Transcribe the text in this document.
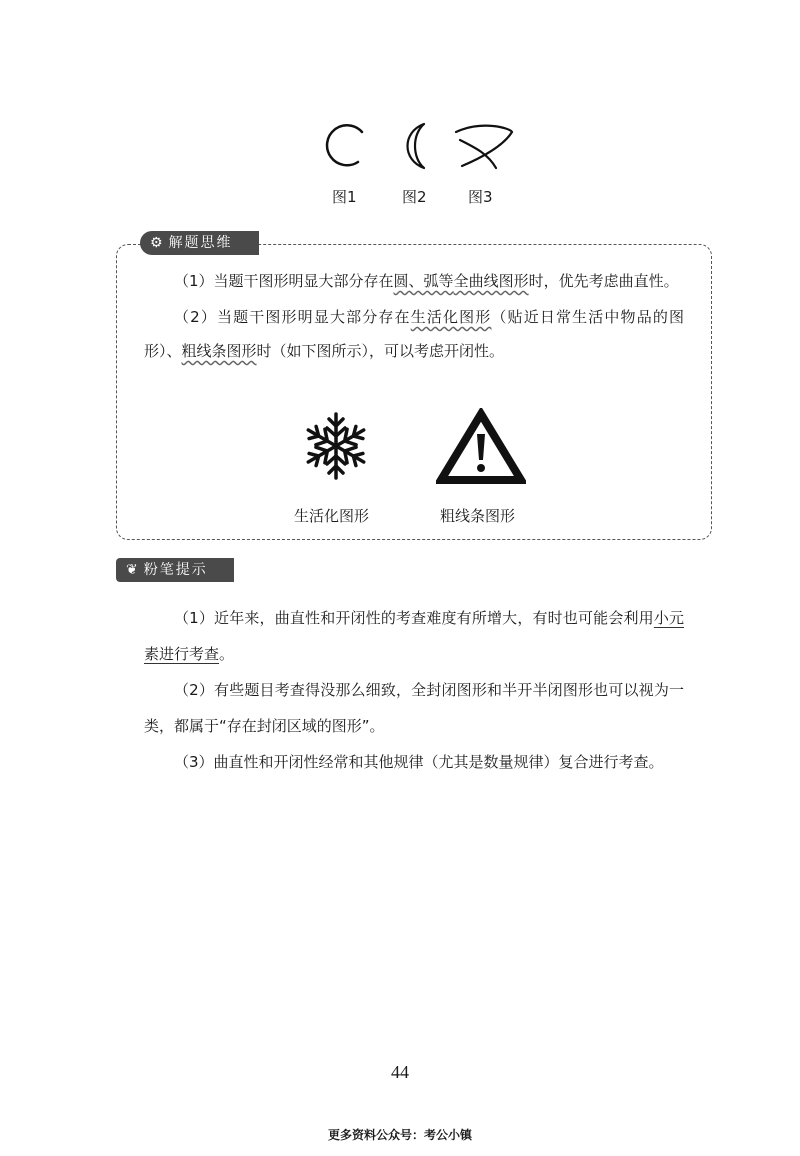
图1	图2	图3
⚙ 解题思维

（1）当题干图形明显大部分存在圆、弧等全曲线图形时，优先考虑曲直性。

（2）当题干图形明显大部分存在生活化图形（贴近日常生活中物品的图形）、粗线条图形时（如下图所示），可以考虑开闭性。

生活化图形	粗线条图形
❦ 粉笔提示

（1）近年来，曲直性和开闭性的考查难度有所增大，有时也可能会利用小元素进行考查。

（2）有些题目考查得没那么细致，全封闭图形和半开半闭图形也可以视为一类，都属于“存在封闭区域的图形”。

（3）曲直性和开闭性经常和其他规律（尤其是数量规律）复合进行考查。

44
更多资料公众号：考公小镇
